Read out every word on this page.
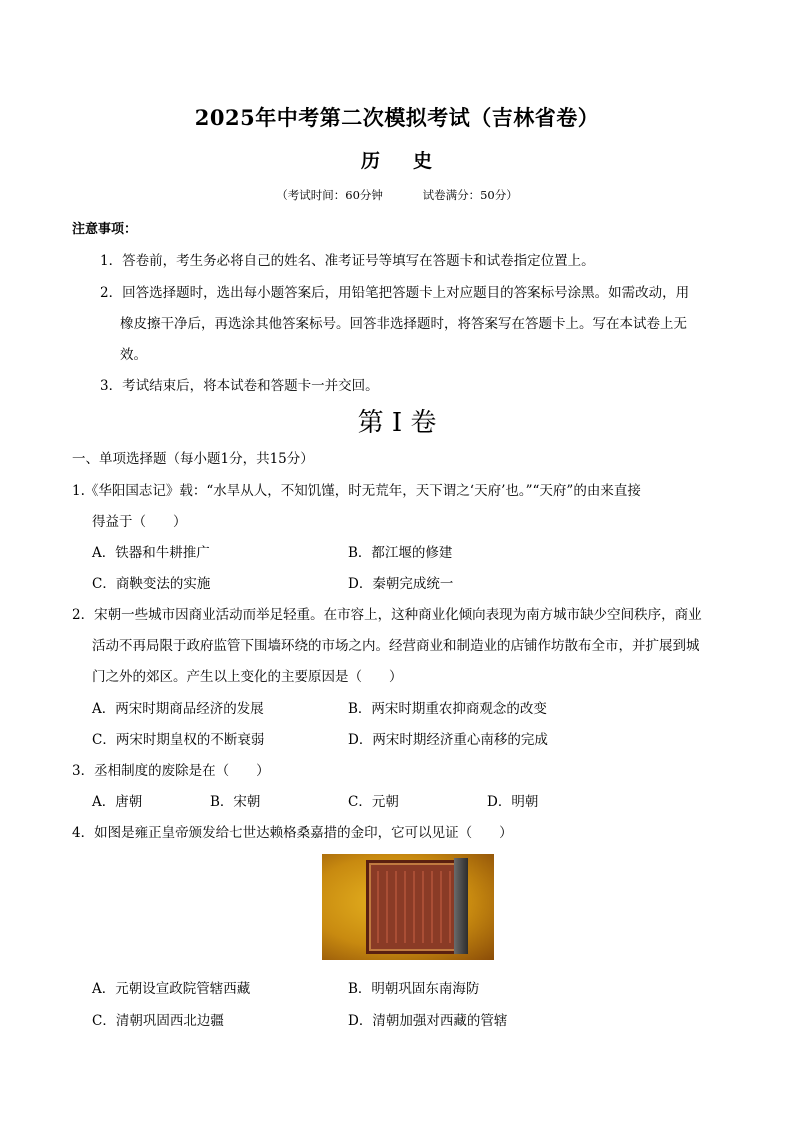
2025年中考第二次模拟考试（吉林省卷）
历 史
（考试时间：60分钟	试卷满分：50分）
注意事项：
1．答卷前，考生务必将自己的姓名、准考证号等填写在答题卡和试卷指定位置上。
2．回答选择题时，选出每小题答案后，用铅笔把答题卡上对应题目的答案标号涂黑。如需改动，用
橡皮擦干净后，再选涂其他答案标号。回答非选择题时，将答案写在答题卡上。写在本试卷上无
效。
3．考试结束后，将本试卷和答题卡一并交回。
第 I 卷
一、单项选择题（每小题1分，共15分）
1.《华阳国志记》载：“水旱从人，不知饥馑，时无荒年，天下谓之‘天府’也。”“天府”的由来直接
得益于（　　）
A．铁器和牛耕推广	B．都江堰的修建
C．商鞅变法的实施	D．秦朝完成统一
2．宋朝一些城市因商业活动而举足轻重。在市容上，这种商业化倾向表现为南方城市缺少空间秩序，商业
活动不再局限于政府监管下围墙环绕的市场之内。经营商业和制造业的店铺作坊散布全市，并扩展到城
门之外的郊区。产生以上变化的主要原因是（　　）
A．两宋时期商品经济的发展	B．两宋时期重农抑商观念的改变
C．两宋时期皇权的不断衰弱	D．两宋时期经济重心南移的完成
3．丞相制度的废除是在（　　）
A．唐朝	B．宋朝	C．元朝	D．明朝
4．如图是雍正皇帝颁发给七世达赖格桑嘉措的金印，它可以见证（　　）
A．元朝设宣政院管辖西藏	B．明朝巩固东南海防
C．清朝巩固西北边疆	D．清朝加强对西藏的管辖
